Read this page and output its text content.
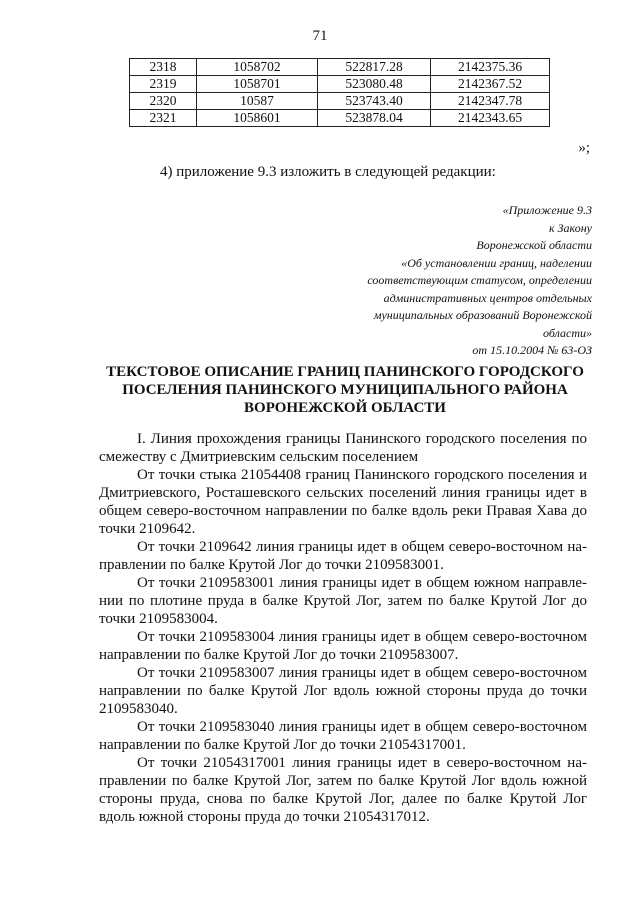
71
2318	1058702	522817.28	2142375.36
2319	1058701	523080.48	2142367.52
2320	10587	523743.40	2142347.78
2321	1058601	523878.04	2142343.65
»;
4) приложение 9.3 изложить в следующей редакции:
«Приложение 9.3
к Закону
Воронежской области
«Об установлении границ, наделении
соответствующим статусом, определении
административных центров отдельных
муниципальных образований Воронежской
области»
от 15.10.2004 № 63-ОЗ
ТЕКСТОВОЕ ОПИСАНИЕ ГРАНИЦ ПАНИНСКОГО ГОРОДСКОГО
ПОСЕЛЕНИЯ ПАНИНСКОГО МУНИЦИПАЛЬНОГО РАЙОНА
ВОРОНЕЖСКОЙ ОБЛАСТИ
I. Линия прохождения границы Панинского городского поселения по
смежеству с Дмитриевским сельским поселением
От точки стыка 21054408 границ Панинского городского поселения и
Дмитриевского, Росташевского сельских поселений линия границы идет в
общем северо-восточном направлении по балке вдоль реки Правая Хава до
точки 2109642.
От точки 2109642 линия границы идет в общем северо-восточном на-
правлении по балке Крутой Лог до точки 2109583001.
От точки 2109583001 линия границы идет в общем южном направле-
нии по плотине пруда в балке Крутой Лог, затем по балке Крутой Лог до
точки 2109583004.
От точки 2109583004 линия границы идет в общем северо-восточном
направлении по балке Крутой Лог до точки 2109583007.
От точки 2109583007 линия границы идет в общем северо-восточном
направлении по балке Крутой Лог вдоль южной стороны пруда до точки
2109583040.
От точки 2109583040 линия границы идет в общем северо-восточном
направлении по балке Крутой Лог до точки 21054317001.
От точки 21054317001 линия границы идет в северо-восточном на-
правлении по балке Крутой Лог, затем по балке Крутой Лог вдоль южной
стороны пруда, снова по балке Крутой Лог, далее по балке Крутой Лог
вдоль южной стороны пруда до точки 21054317012.
